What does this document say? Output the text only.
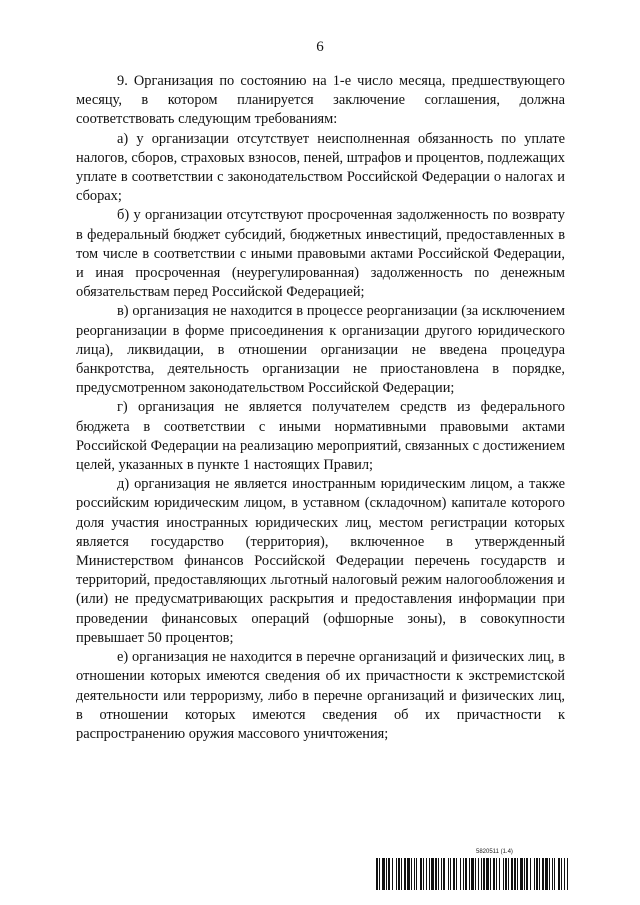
6

9. Организация по состоянию на 1-е число месяца, предшествующего месяцу, в котором планируется заключение соглашения, должна соответствовать следующим требованиям:

а) у организации отсутствует неисполненная обязанность по уплате налогов, сборов, страховых взносов, пеней, штрафов и процентов, подлежащих уплате в соответствии с законодательством Российской Федерации о налогах и сборах;

б) у организации отсутствуют просроченная задолженность по возврату в федеральный бюджет субсидий, бюджетных инвестиций, предоставленных в том числе в соответствии с иными правовыми актами Российской Федерации, и иная просроченная (неурегулированная) задолженность по денежным обязательствам перед Российской Федерацией;

в) организация не находится в процессе реорганизации (за исключением реорганизации в форме присоединения к организации другого юридического лица), ликвидации, в отношении организации не введена процедура банкротства, деятельность организации не приостановлена в порядке, предусмотренном законодательством Российской Федерации;

г) организация не является получателем средств из федерального бюджета в соответствии с иными нормативными правовыми актами Российской Федерации на реализацию мероприятий, связанных с достижением целей, указанных в пункте 1 настоящих Правил;

д) организация не является иностранным юридическим лицом, а также российским юридическим лицом, в уставном (складочном) капитале которого доля участия иностранных юридических лиц, местом регистрации которых является государство (территория), включенное в утвержденный Министерством финансов Российской Федерации перечень государств и территорий, предоставляющих льготный налоговый режим налогообложения и (или) не предусматривающих раскрытия и предоставления информации при проведении финансовых операций (офшорные зоны), в совокупности превышает 50 процентов;

е) организация не находится в перечне организаций и физических лиц, в отношении которых имеются сведения об их причастности к экстремистской деятельности или терроризму, либо в перечне организаций и физических лиц, в отношении которых имеются сведения об их причастности к распространению оружия массового уничтожения;

5820511 (1.4)
